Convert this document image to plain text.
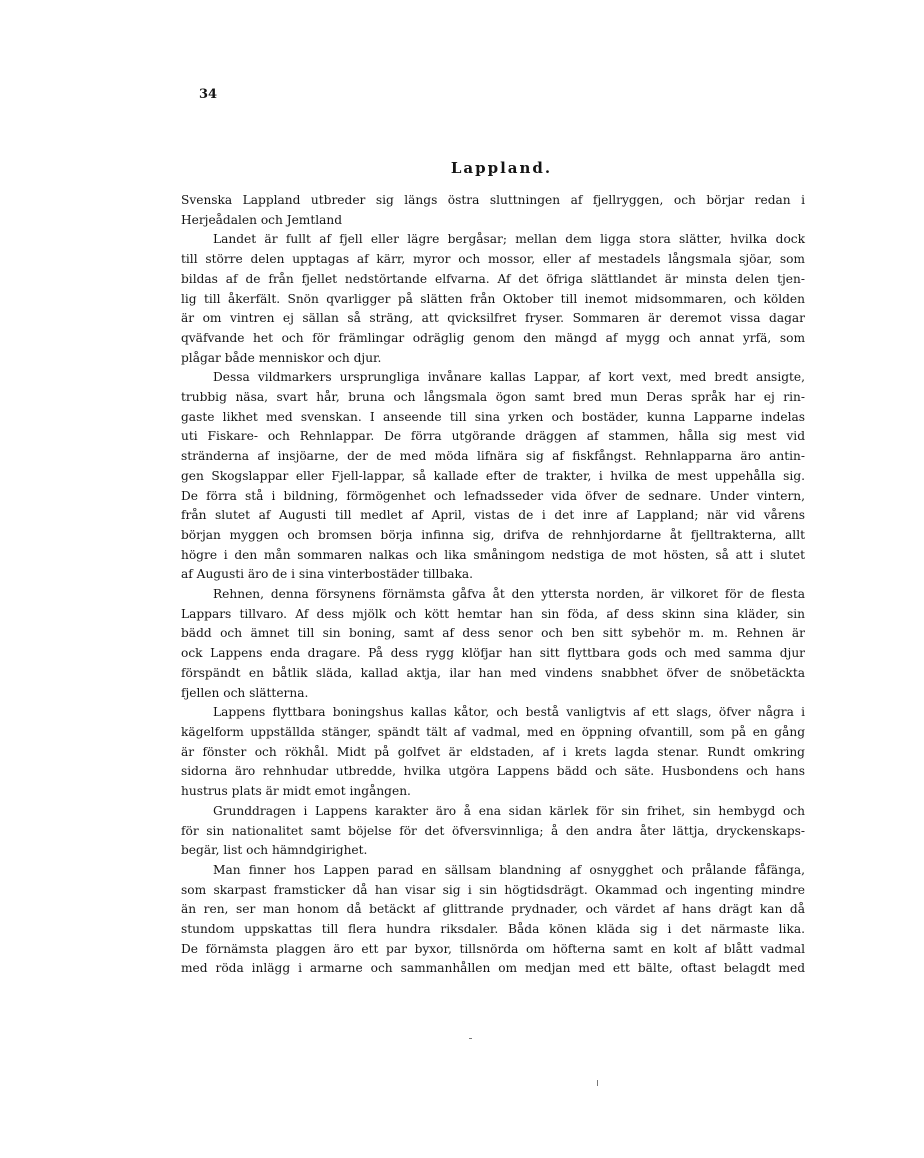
34
Lappland.
Svenska Lappland utbreder sig längs östra sluttningen af fjellryggen, och börjar redan i
Herjeådalen och Jemtland
Landet är fullt af fjell eller lägre bergåsar; mellan dem ligga stora slätter, hvilka dock
till större delen upptagas af kärr, myror och mossor, eller af mestadels långsmala sjöar, som
bildas af de från fjellet nedstörtande elfvarna. Af det öfriga slättlandet är minsta delen tjen-
lig till åkerfält. Snön qvarligger på slätten från Oktober till inemot midsommaren, och kölden
är om vintren ej sällan så sträng, att qvicksilfret fryser. Sommaren är deremot vissa dagar
qväfvande het och för främlingar odräglig genom den mängd af mygg och annat yrfä, som
plågar både menniskor och djur.
Dessa vildmarkers ursprungliga invånare kallas Lappar, af kort vext, med bredt ansigte,
trubbig näsa, svart hår, bruna och långsmala ögon samt bred mun Deras språk har ej rin-
gaste likhet med svenskan. I anseende till sina yrken och bostäder, kunna Lapparne indelas
uti Fiskare- och Rehnlappar. De förra utgörande dräggen af stammen, hålla sig mest vid
stränderna af insjöarne, der de med möda lifnära sig af fiskfångst. Rehnlapparna äro antin-
gen Skogslappar eller Fjell-lappar, så kallade efter de trakter, i hvilka de mest uppehålla sig.
De förra stå i bildning, förmögenhet och lefnadsseder vida öfver de sednare. Under vintern,
från slutet af Augusti till medlet af April, vistas de i det inre af Lappland; när vid vårens
början myggen och bromsen börja infinna sig, drifva de rehnhjordarne åt fjelltrakterna, allt
högre i den mån sommaren nalkas och lika småningom nedstiga de mot hösten, så att i slutet
af Augusti äro de i sina vinterbostäder tillbaka.
Rehnen, denna försynens förnämsta gåfva åt den yttersta norden, är vilkoret för de flesta
Lappars tillvaro. Af dess mjölk och kött hemtar han sin föda, af dess skinn sina kläder, sin
bädd och ämnet till sin boning, samt af dess senor och ben sitt sybehör m. m. Rehnen är
ock Lappens enda dragare. På dess rygg klöfjar han sitt flyttbara gods och med samma djur
förspändt en båtlik släda, kallad aktja, ilar han med vindens snabbhet öfver de snöbetäckta
fjellen och slätterna.
Lappens flyttbara boningshus kallas kåtor, och bestå vanligtvis af ett slags, öfver några i
kägelform uppställda stänger, spändt tält af vadmal, med en öppning ofvantill, som på en gång
är fönster och rökhål. Midt på golfvet är eldstaden, af i krets lagda stenar. Rundt omkring
sidorna äro rehnhudar utbredde, hvilka utgöra Lappens bädd och säte. Husbondens och hans
hustrus plats är midt emot ingången.
Grunddragen i Lappens karakter äro å ena sidan kärlek för sin frihet, sin hembygd och
för sin nationalitet samt böjelse för det öfversvinnliga; å den andra åter lättja, dryckenskaps-
begär, list och hämndgirighet.
Man finner hos Lappen parad en sällsam blandning af osnygghet och prålande fåfänga,
som skarpast framsticker då han visar sig i sin högtidsdrägt. Okammad och ingenting mindre
än ren, ser man honom då betäckt af glittrande prydnader, och värdet af hans drägt kan då
stundom uppskattas till flera hundra riksdaler. Båda könen kläda sig i det närmaste lika.
De förnämsta plaggen äro ett par byxor, tillsnörda om höfterna samt en kolt af blått vadmal
med röda inlägg i armarne och sammanhållen om medjan med ett bälte, oftast belagdt med
